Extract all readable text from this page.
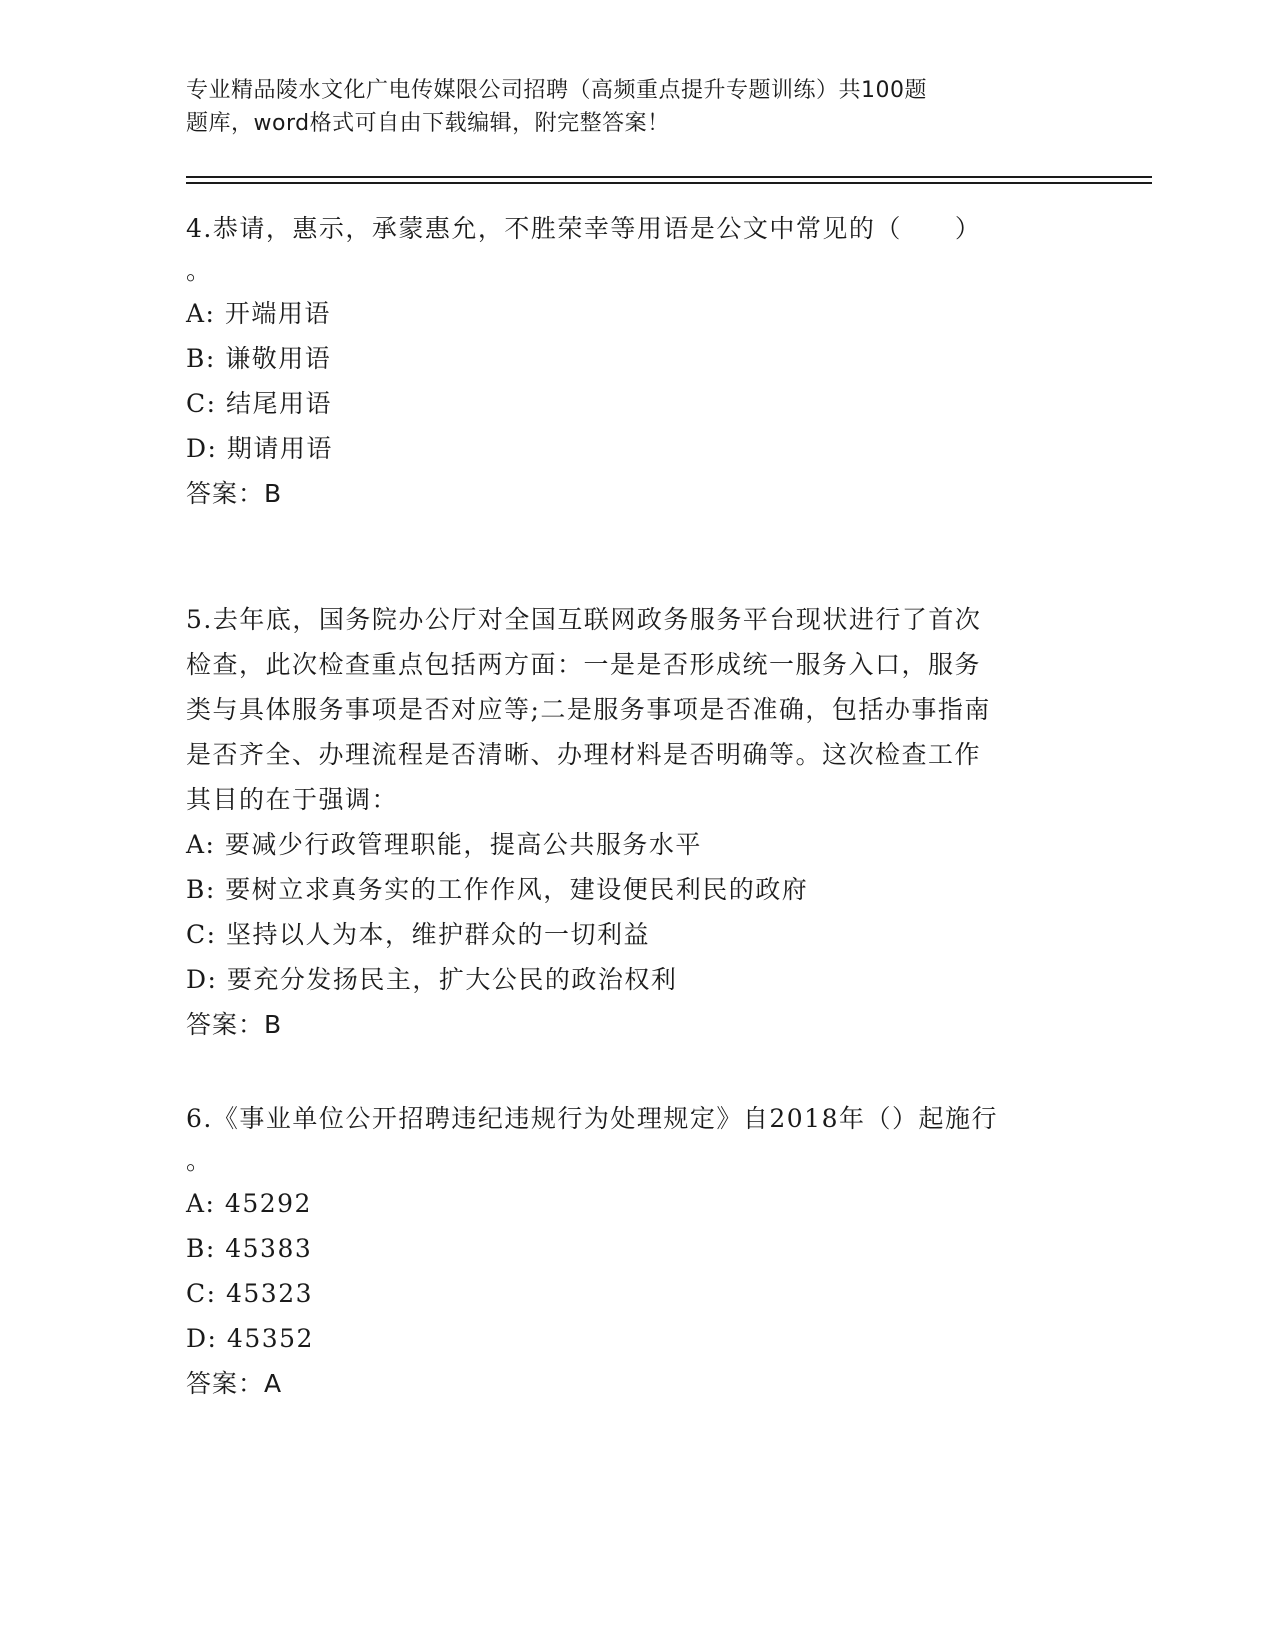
专业精品陵水文化广电传媒限公司招聘（高频重点提升专题训练）共100题
题库，word格式可自由下载编辑，附完整答案！
4.恭请，惠示，承蒙惠允，不胜荣幸等用语是公文中常见的（　　）
。
A: 开端用语
B: 谦敬用语
C: 结尾用语
D: 期请用语
答案：B
5.去年底，国务院办公厅对全国互联网政务服务平台现状进行了首次
检查，此次检查重点包括两方面：一是是否形成统一服务入口，服务
类与具体服务事项是否对应等;二是服务事项是否准确，包括办事指南
是否齐全、办理流程是否清晰、办理材料是否明确等。这次检查工作
其目的在于强调：
A: 要减少行政管理职能，提高公共服务水平
B: 要树立求真务实的工作作风，建设便民利民的政府
C: 坚持以人为本，维护群众的一切利益
D: 要充分发扬民主，扩大公民的政治权利
答案：B
6.《事业单位公开招聘违纪违规行为处理规定》自2018年（）起施行
。
A: 45292
B: 45383
C: 45323
D: 45352
答案：A
